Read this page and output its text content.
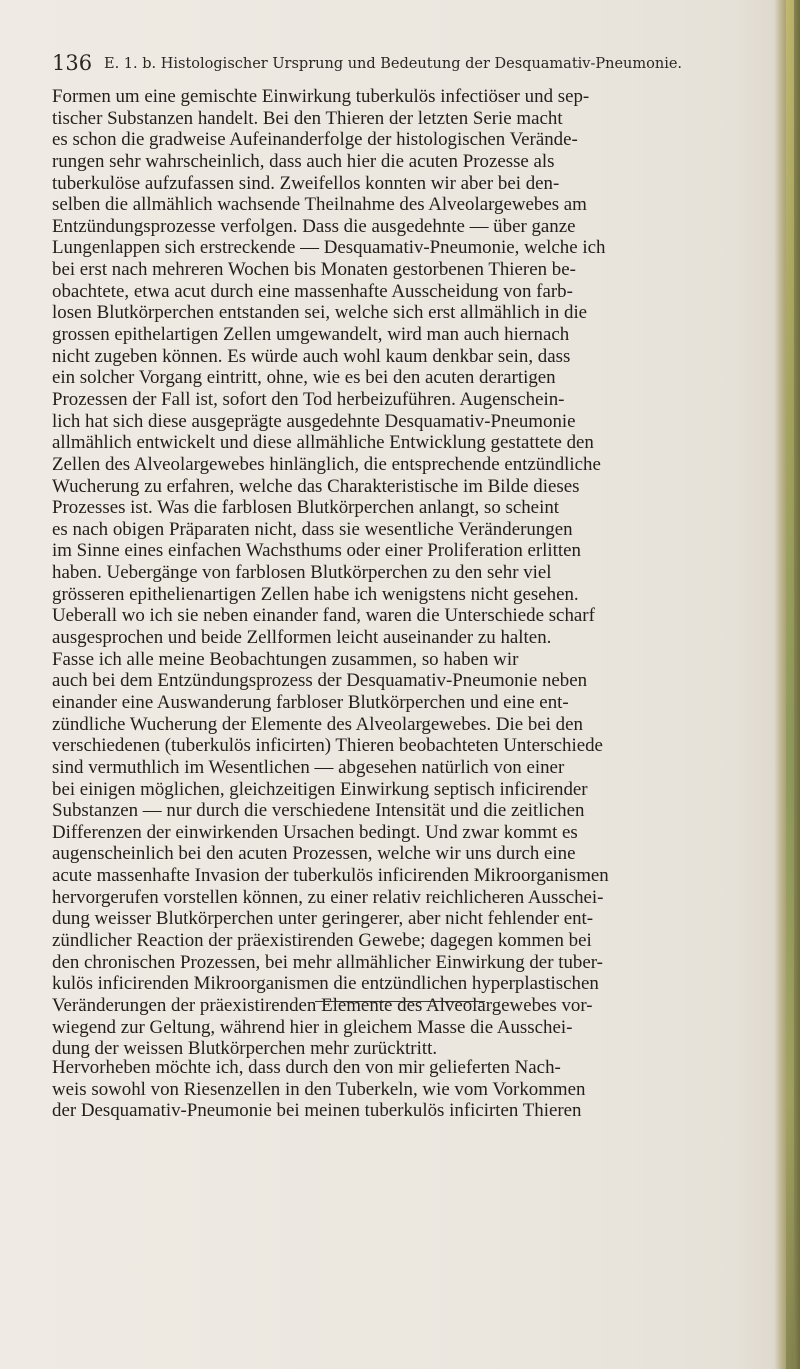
136 E. 1. b. Histologischer Ursprung und Bedeutung der Desquamativ-Pneumonie.
Formen um eine gemischte Einwirkung tuberkulös infectiöser und sep-
tischer Substanzen handelt. Bei den Thieren der letzten Serie macht
es schon die gradweise Aufeinanderfolge der histologischen Verände-
rungen sehr wahrscheinlich, dass auch hier die acuten Prozesse als
tuberkulöse aufzufassen sind. Zweifellos konnten wir aber bei den-
selben die allmählich wachsende Theilnahme des Alveolargewebes am
Entzündungsprozesse verfolgen. Dass die ausgedehnte — über ganze
Lungenlappen sich erstreckende — Desquamativ-Pneumonie, welche ich
bei erst nach mehreren Wochen bis Monaten gestorbenen Thieren be-
obachtete, etwa acut durch eine massenhafte Ausscheidung von farb-
losen Blutkörperchen entstanden sei, welche sich erst allmählich in die
grossen epithelartigen Zellen umgewandelt, wird man auch hiernach
nicht zugeben können. Es würde auch wohl kaum denkbar sein, dass
ein solcher Vorgang eintritt, ohne, wie es bei den acuten derartigen
Prozessen der Fall ist, sofort den Tod herbeizuführen. Augenschein-
lich hat sich diese ausgeprägte ausgedehnte Desquamativ-Pneumonie
allmählich entwickelt und diese allmähliche Entwicklung gestattete den
Zellen des Alveolargewebes hinlänglich, die entsprechende entzündliche
Wucherung zu erfahren, welche das Charakteristische im Bilde dieses
Prozesses ist. Was die farblosen Blutkörperchen anlangt, so scheint
es nach obigen Präparaten nicht, dass sie wesentliche Veränderungen
im Sinne eines einfachen Wachsthums oder einer Proliferation erlitten
haben. Uebergänge von farblosen Blutkörperchen zu den sehr viel
grösseren epithelienartigen Zellen habe ich wenigstens nicht gesehen.
Ueberall wo ich sie neben einander fand, waren die Unterschiede scharf
ausgesprochen und beide Zellformen leicht auseinander zu halten.
Fasse ich alle meine Beobachtungen zusammen, so haben wir
auch bei dem Entzündungsprozess der Desquamativ-Pneumonie neben
einander eine Auswanderung farbloser Blutkörperchen und eine ent-
zündliche Wucherung der Elemente des Alveolargewebes. Die bei den
verschiedenen (tuberkulös inficirten) Thieren beobachteten Unterschiede
sind vermuthlich im Wesentlichen — abgesehen natürlich von einer
bei einigen möglichen, gleichzeitigen Einwirkung septisch inficirender
Substanzen — nur durch die verschiedene Intensität und die zeitlichen
Differenzen der einwirkenden Ursachen bedingt. Und zwar kommt es
augenscheinlich bei den acuten Prozessen, welche wir uns durch eine
acute massenhafte Invasion der tuberkulös inficirenden Mikroorganismen
hervorgerufen vorstellen können, zu einer relativ reichlicheren Ausschei-
dung weisser Blutkörperchen unter geringerer, aber nicht fehlender ent-
zündlicher Reaction der präexistirenden Gewebe; dagegen kommen bei
den chronischen Prozessen, bei mehr allmählicher Einwirkung der tuber-
kulös inficirenden Mikroorganismen die entzündlichen hyperplastischen
Veränderungen der präexistirenden Elemente des Alveolargewebes vor-
wiegend zur Geltung, während hier in gleichem Masse die Ausschei-
dung der weissen Blutkörperchen mehr zurücktritt.
Hervorheben möchte ich, dass durch den von mir gelieferten Nach-
weis sowohl von Riesenzellen in den Tuberkeln, wie vom Vorkommen
der Desquamativ-Pneumonie bei meinen tuberkulös inficirten Thieren
